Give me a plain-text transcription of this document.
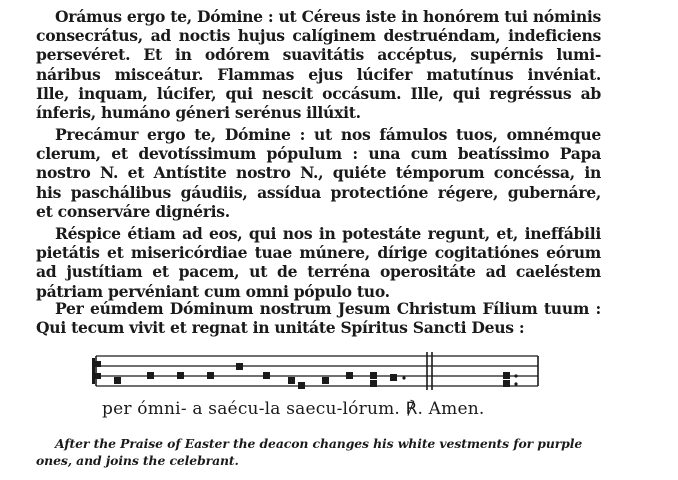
Orámus ergo te, Dómine : ut Céreus iste in honórem tui nóminis
consecrátus, ad noctis hujus calíginem destruéndam, indeficiens
persevéret. Et in odórem suavitátis accéptus, supérnis lumi-
náribus misceátur. Flammas ejus lúcifer matutínus invéniat.
Ille, inquam, lúcifer, qui nescit occásum. Ille, qui regréssus ab
ínferis, humáno géneri serénus illúxit.
Precámur ergo te, Dómine : ut nos fámulos tuos, omnémque
clerum, et devotíssimum pópulum : una cum beatíssimo Papa
nostro N. et Antístite nostro N., quiéte témporum concéssa, in
his paschálibus gáudiis, assídua protectióne régere, gubernáre,
et conserváre dignéris.
Réspice étiam ad eos, qui nos in potestáte regunt, et, ineffábili
pietátis et misericórdiae tuae múnere, dírige cogitatiónes eórum
ad justítiam et pacem, ut de terréna operositáte ad caeléstem
pátriam pervéniant cum omni pópulo tuo.
Per eúmdem Dóminum nostrum Jesum Christum Fílium tuum :
Qui tecum vivit et regnat in unitáte Spíritus Sancti Deus :
per ómni- a saécu-la saecu-lórum. ℟. Amen.
After the Praise of Easter the deacon changes his white vestments for purple
ones, and joins the celebrant.
